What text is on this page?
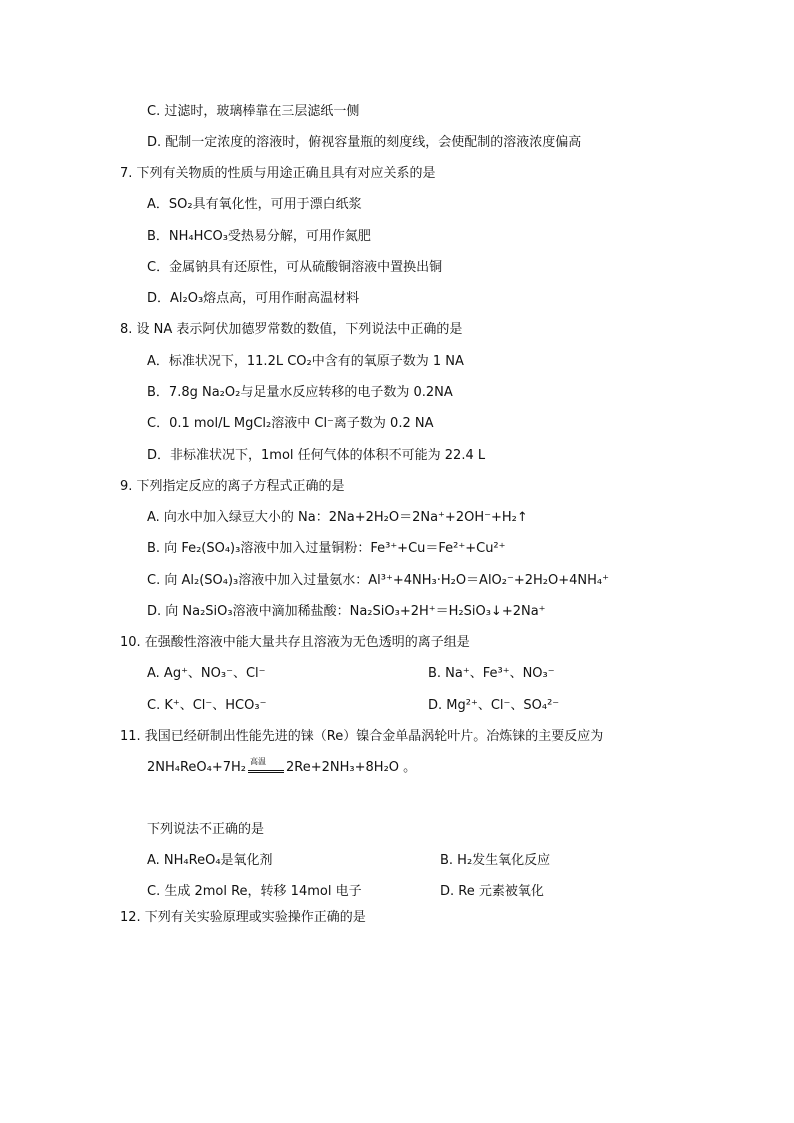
C. 过滤时，玻璃棒靠在三层滤纸一侧
D. 配制一定浓度的溶液时，俯视容量瓶的刻度线，会使配制的溶液浓度偏高
7. 下列有关物质的性质与用途正确且具有对应关系的是
A．SO₂具有氧化性，可用于漂白纸浆
B．NH₄HCO₃受热易分解，可用作氮肥
C．金属钠具有还原性，可从硫酸铜溶液中置换出铜
D．Al₂O₃熔点高，可用作耐高温材料
8. 设 NA 表示阿伏加德罗常数的数值，下列说法中正确的是
A．标准状况下，11.2L CO₂中含有的氧原子数为 1 NA
B．7.8g Na₂O₂与足量水反应转移的电子数为 0.2NA
C．0.1 mol/L MgCl₂溶液中 Cl⁻离子数为 0.2 NA
D．非标准状况下，1mol 任何气体的体积不可能为 22.4 L
9. 下列指定反应的离子方程式正确的是
A. 向水中加入绿豆大小的 Na：2Na+2H₂O＝2Na⁺+2OH⁻+H₂↑
B. 向 Fe₂(SO₄)₃溶液中加入过量铜粉：Fe³⁺+Cu＝Fe²⁺+Cu²⁺
C. 向 Al₂(SO₄)₃溶液中加入过量氨水：Al³⁺+4NH₃·H₂O＝AlO₂⁻+2H₂O+4NH₄⁺
D. 向 Na₂SiO₃溶液中滴加稀盐酸：Na₂SiO₃+2H⁺＝H₂SiO₃↓+2Na⁺
10. 在强酸性溶液中能大量共存且溶液为无色透明的离子组是
A. Ag⁺、NO₃⁻、Cl⁻	B. Na⁺、Fe³⁺、NO₃⁻
C. K⁺、Cl⁻、HCO₃⁻	D. Mg²⁺、Cl⁻、SO₄²⁻
11. 我国已经研制出性能先进的铼（Re）镍合金单晶涡轮叶片。冶炼铼的主要反应为
2NH₄ReO₄+7H₂ 高温 2Re+2NH₃+8H₂O 。
下列说法不正确的是
A. NH₄ReO₄是氧化剂	B. H₂发生氧化反应
C. 生成 2mol Re，转移 14mol 电子	D. Re 元素被氧化
12. 下列有关实验原理或实验操作正确的是
